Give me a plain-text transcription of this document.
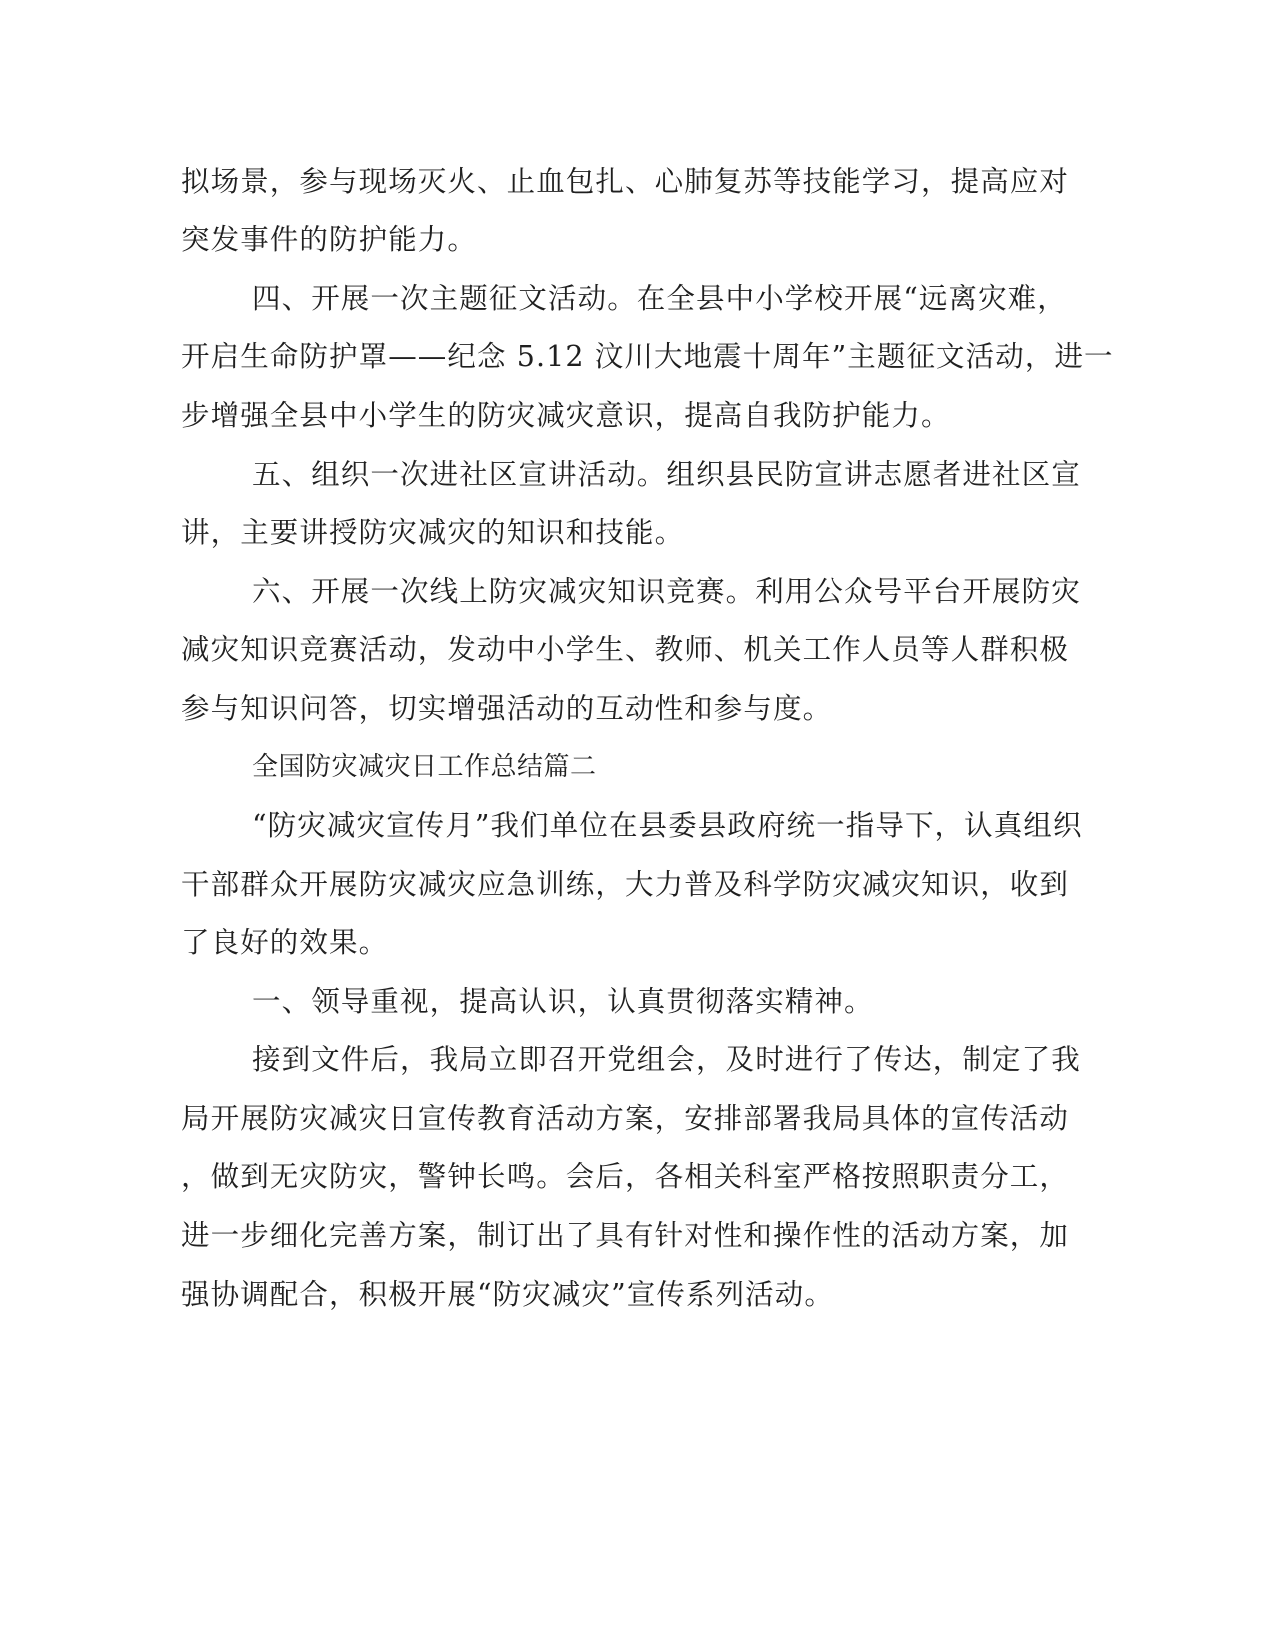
拟场景，参与现场灭火、止血包扎、心肺复苏等技能学习，提高应对
突发事件的防护能力。
四、开展一次主题征文活动。在全县中小学校开展“远离灾难，
开启生命防护罩——纪念 5.12 汶川大地震十周年”主题征文活动，进一
步增强全县中小学生的防灾减灾意识，提高自我防护能力。
五、组织一次进社区宣讲活动。组织县民防宣讲志愿者进社区宣
讲，主要讲授防灾减灾的知识和技能。
六、开展一次线上防灾减灾知识竞赛。利用公众号平台开展防灾
减灾知识竞赛活动，发动中小学生、教师、机关工作人员等人群积极
参与知识问答，切实增强活动的互动性和参与度。
全国防灾减灾日工作总结篇二
“防灾减灾宣传月”我们单位在县委县政府统一指导下，认真组织
干部群众开展防灾减灾应急训练，大力普及科学防灾减灾知识，收到
了良好的效果。
一、领导重视，提高认识，认真贯彻落实精神。
接到文件后，我局立即召开党组会，及时进行了传达，制定了我
局开展防灾减灾日宣传教育活动方案，安排部署我局具体的宣传活动
，做到无灾防灾，警钟长鸣。会后，各相关科室严格按照职责分工，
进一步细化完善方案，制订出了具有针对性和操作性的活动方案，加
强协调配合，积极开展“防灾减灾”宣传系列活动。
